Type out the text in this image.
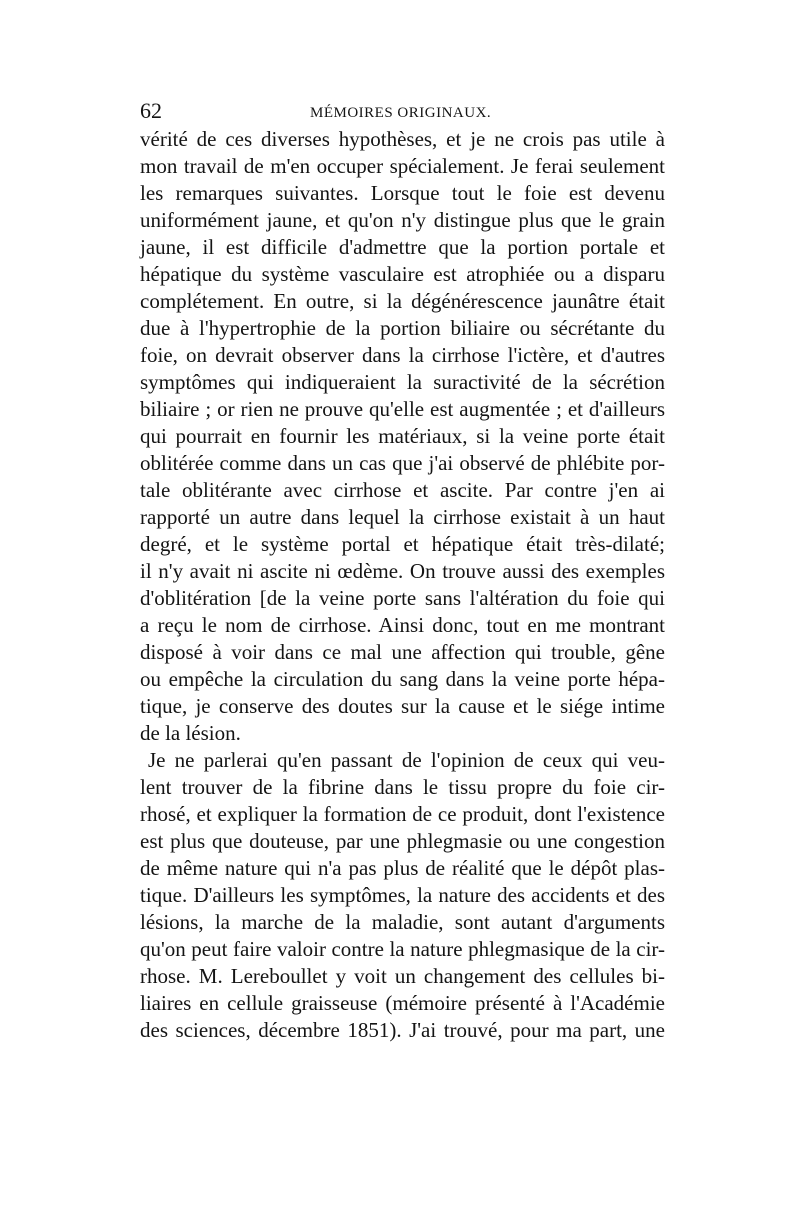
62	MÉMOIRES ORIGINAUX.
vérité de ces diverses hypothèses, et je ne crois pas utile à
mon travail de m'en occuper spécialement. Je ferai seulement
les remarques suivantes. Lorsque tout le foie est devenu
uniformément jaune, et qu'on n'y distingue plus que le grain
jaune, il est difficile d'admettre que la portion portale et
hépatique du système vasculaire est atrophiée ou a disparu
complétement. En outre, si la dégénérescence jaunâtre était
due à l'hypertrophie de la portion biliaire ou sécrétante du
foie, on devrait observer dans la cirrhose l'ictère, et d'autres
symptômes qui indiqueraient la suractivité de la sécrétion
biliaire ; or rien ne prouve qu'elle est augmentée ; et d'ailleurs
qui pourrait en fournir les matériaux, si la veine porte était
oblitérée comme dans un cas que j'ai observé de phlébite por-
tale oblitérante avec cirrhose et ascite. Par contre j'en ai
rapporté un autre dans lequel la cirrhose existait à un haut
degré, et le système portal et hépatique était très-dilaté;
il n'y avait ni ascite ni œdème. On trouve aussi des exemples
d'oblitération [de la veine porte sans l'altération du foie qui
a reçu le nom de cirrhose. Ainsi donc, tout en me montrant
disposé à voir dans ce mal une affection qui trouble, gêne
ou empêche la circulation du sang dans la veine porte hépa-
tique, je conserve des doutes sur la cause et le siége intime
de la lésion.
Je ne parlerai qu'en passant de l'opinion de ceux qui veu-
lent trouver de la fibrine dans le tissu propre du foie cir-
rhosé, et expliquer la formation de ce produit, dont l'existence
est plus que douteuse, par une phlegmasie ou une congestion
de même nature qui n'a pas plus de réalité que le dépôt plas-
tique. D'ailleurs les symptômes, la nature des accidents et des
lésions, la marche de la maladie, sont autant d'arguments
qu'on peut faire valoir contre la nature phlegmasique de la cir-
rhose. M. Lereboullet y voit un changement des cellules bi-
liaires en cellule graisseuse (mémoire présenté à l'Académie
des sciences, décembre 1851). J'ai trouvé, pour ma part, une
